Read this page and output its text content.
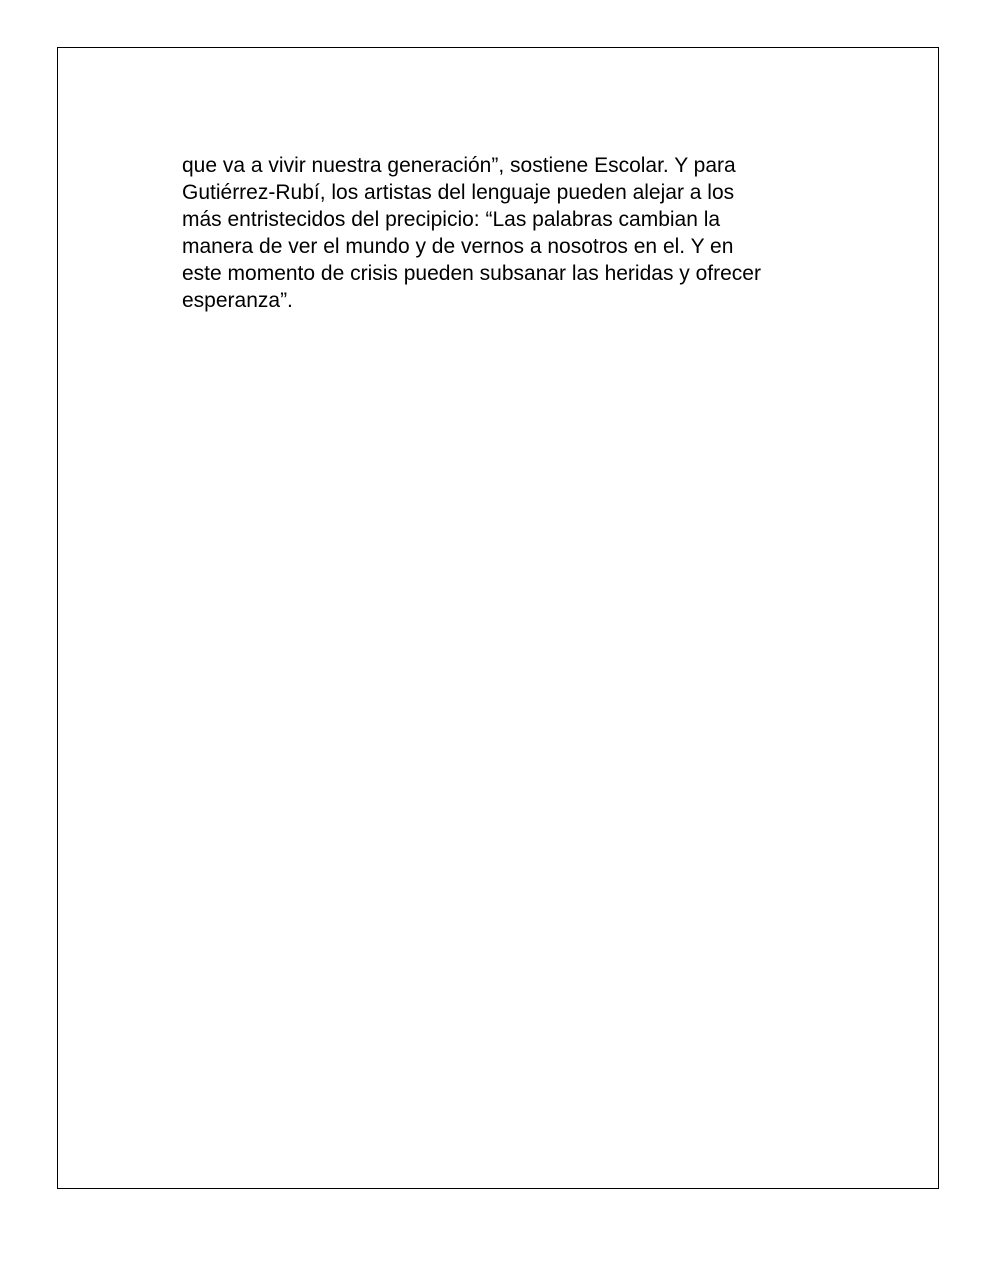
que va a vivir nuestra generación”, sostiene Escolar. Y para
Gutiérrez-Rubí, los artistas del lenguaje pueden alejar a los
más entristecidos del precipicio: “Las palabras cambian la
manera de ver el mundo y de vernos a nosotros en el. Y en
este momento de crisis pueden subsanar las heridas y ofrecer
esperanza”.
